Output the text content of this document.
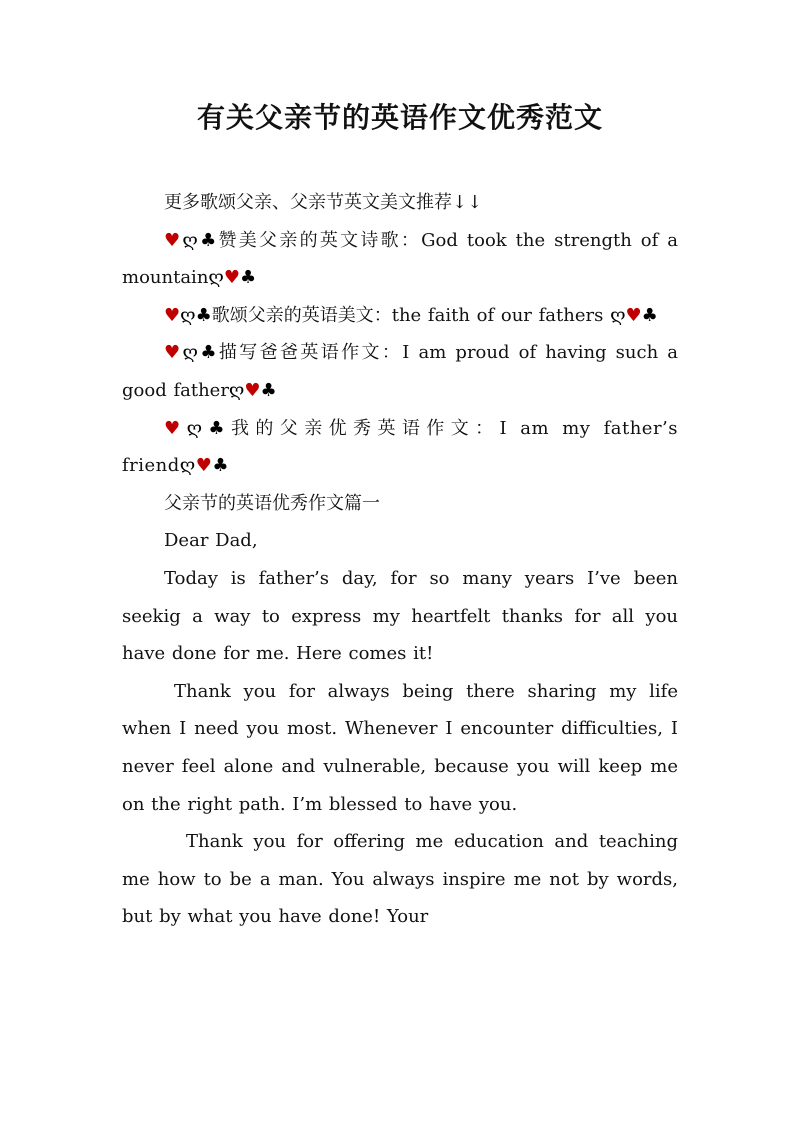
有关父亲节的英语作文优秀范文

更多歌颂父亲、父亲节英文美文推荐↓↓

♥ღ♣赞美父亲的英文诗歌：God took the strength of a mountainღ♥♣

♥ღ♣歌颂父亲的英语美文：the faith of our fathers ღ♥♣

♥ღ♣描写爸爸英语作文：I am proud of having such a good fatherღ♥♣

♥ღ♣我的父亲优秀英语作文：I am my father’s friendღ♥♣

父亲节的英语优秀作文篇一

Dear Dad,

Today is father’s day, for so many years I’ve been seekig a way to express my heartfelt thanks for all you have done for me. Here comes it!

Thank you for always being there sharing my life when I need you most. Whenever I encounter difficulties, I never feel alone and vulnerable, because you will keep me on the right path. I’m blessed to have you.

Thank you for offering me education and teaching me how to be a man. You always inspire me not by words, but by what you have done! Your
